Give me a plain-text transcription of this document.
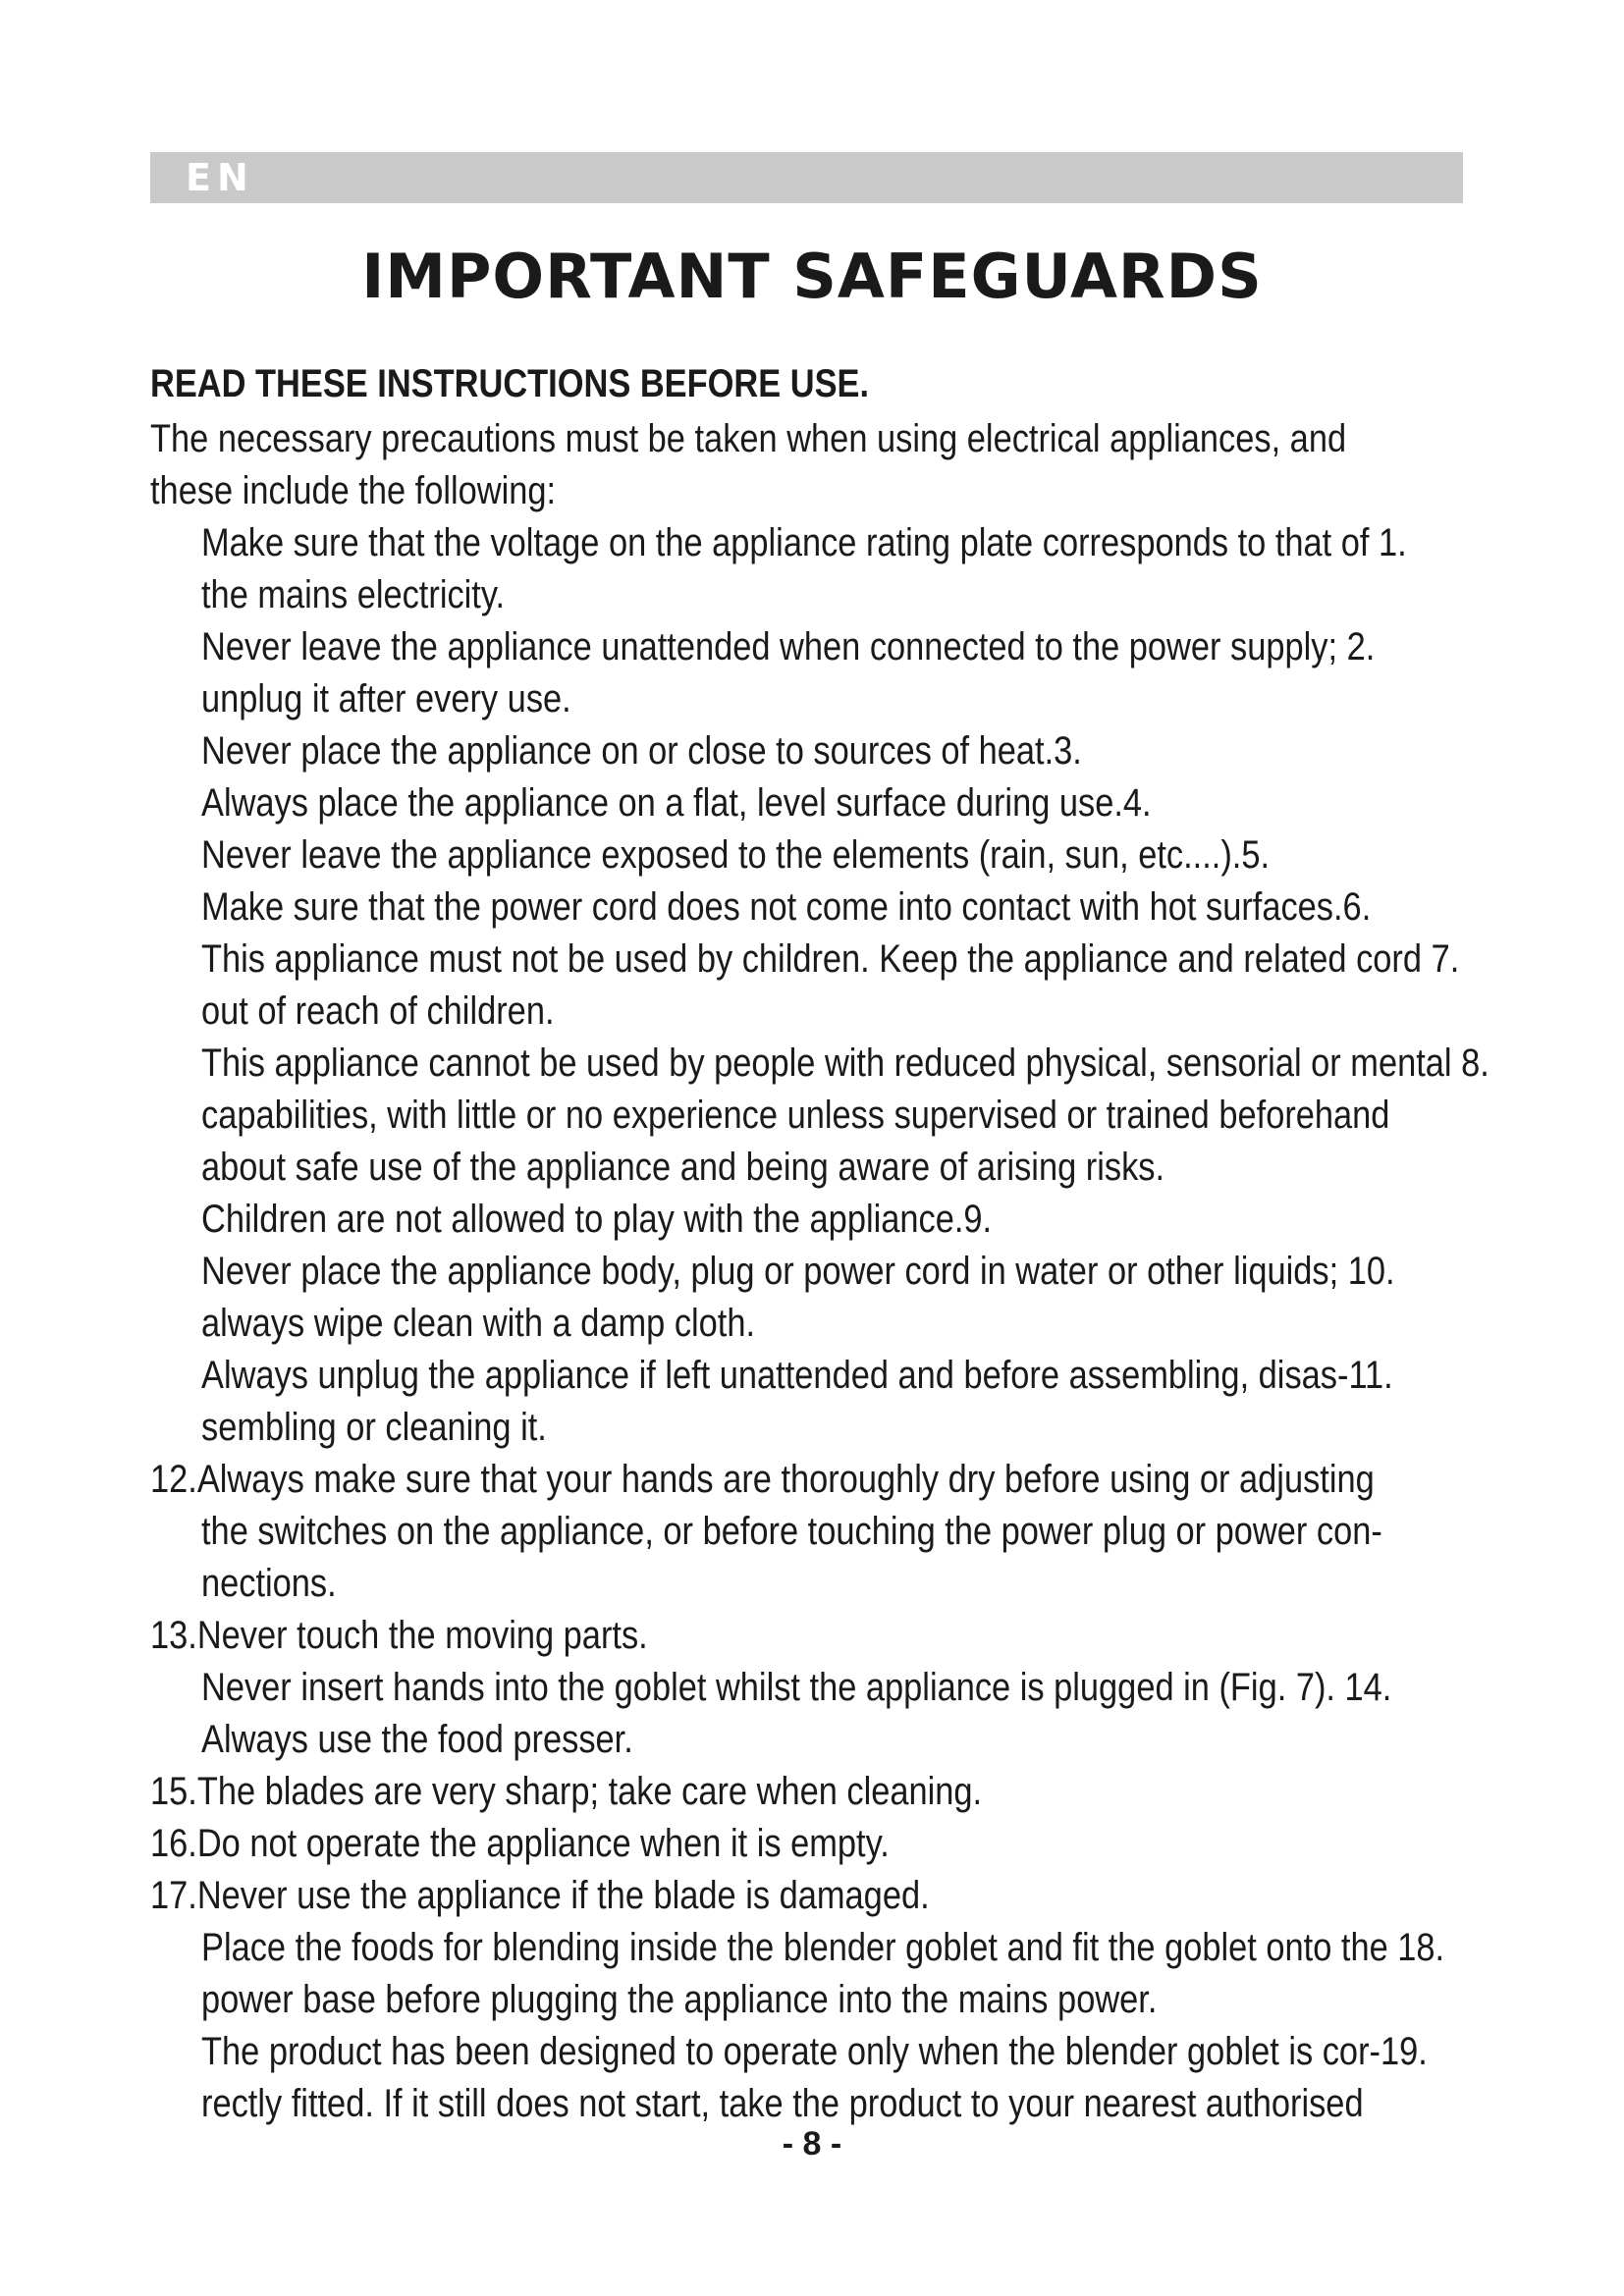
EN
IMPORTANT SAFEGUARDS
READ THESE INSTRUCTIONS BEFORE USE.
The necessary precautions must be taken when using electrical appliances, and
these include the following:
Make sure that the voltage on the appliance rating plate corresponds to that of 1.
the mains electricity.
Never leave the appliance unattended when connected to the power supply; 2.
unplug it after every use.
Never place the appliance on or close to sources of heat.3.
Always place the appliance on a flat, level surface during use.4.
Never leave the appliance exposed to the elements (rain, sun, etc....).5.
Make sure that the power cord does not come into contact with hot surfaces.6.
This appliance must not be used by children. Keep the appliance and related cord 7.
out of reach of children.
This appliance cannot be used by people with reduced physical, sensorial or mental 8.
capabilities, with little or no experience unless supervised or trained beforehand
about safe use of the appliance and being aware of arising risks.
Children are not allowed to play with the appliance.9.
Never place the appliance body, plug or power cord in water or other liquids; 10.
always wipe clean with a damp cloth.
Always unplug the appliance if left unattended and before assembling, disas-11.
sembling or cleaning it.
12.Always make sure that your hands are thoroughly dry before using or adjusting
the switches on the appliance, or before touching the power plug or power con-
nections.
13.Never touch the moving parts.
Never insert hands into the goblet whilst the appliance is plugged in (Fig. 7). 14.
Always use the food presser.
15.The blades are very sharp; take care when cleaning.
16.Do not operate the appliance when it is empty.
17.Never use the appliance if the blade is damaged.
Place the foods for blending inside the blender goblet and fit the goblet onto the 18.
power base before plugging the appliance into the mains power.
The product has been designed to operate only when the blender goblet is cor-19.
rectly fitted. If it still does not start, take the product to your nearest authorised
- 8 -
